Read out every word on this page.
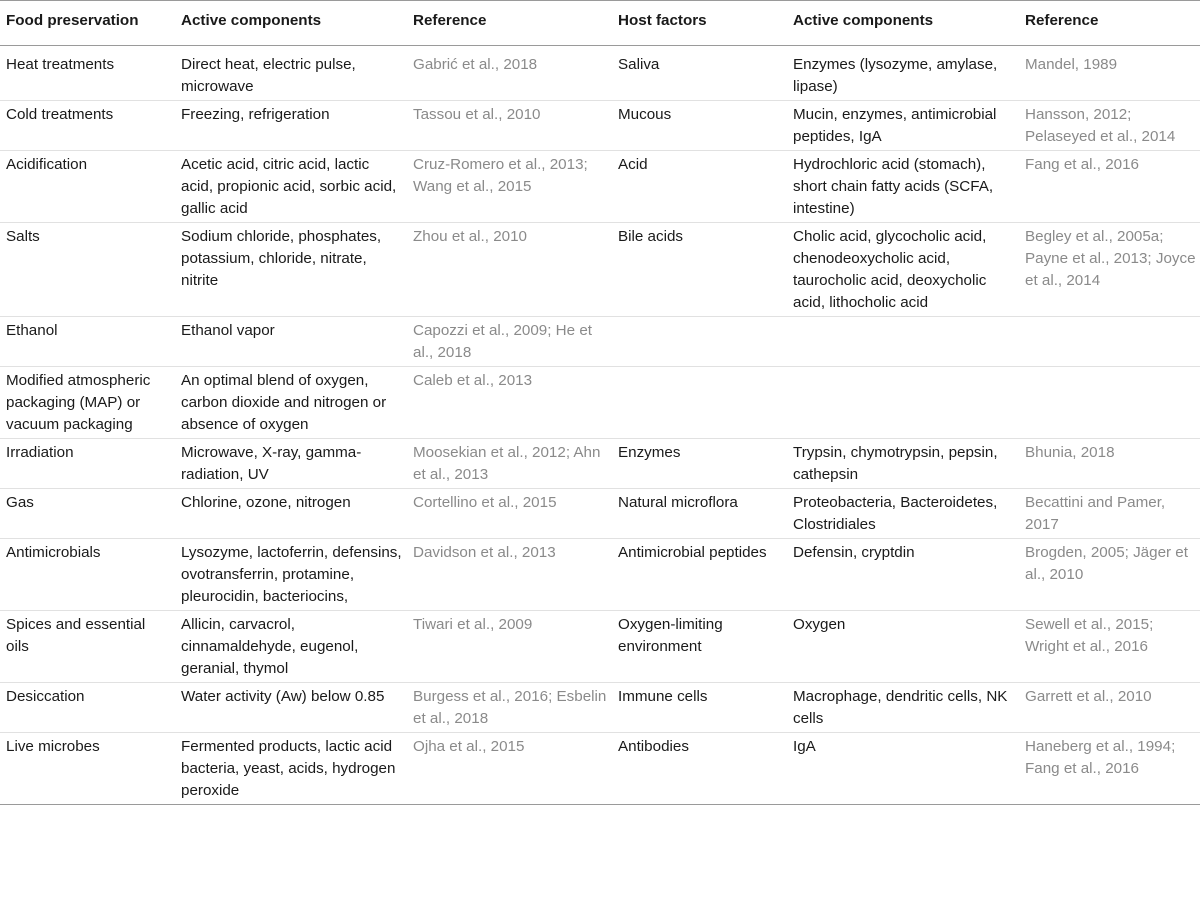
Food preservation	Active components	Reference	Host factors	Active components	Reference
Heat treatments	Direct heat, electric pulse, microwave	Gabrić et al., 2018	Saliva	Enzymes (lysozyme, amylase, lipase)	Mandel, 1989
Cold treatments	Freezing, refrigeration	Tassou et al., 2010	Mucous	Mucin, enzymes, antimicrobial peptides, IgA	Hansson, 2012; Pelaseyed et al., 2014
Acidification	Acetic acid, citric acid, lactic acid, propionic acid, sorbic acid, gallic acid	Cruz-Romero et al., 2013; Wang et al., 2015	Acid	Hydrochloric acid (stomach), short chain fatty acids (SCFA, intestine)	Fang et al., 2016
Salts	Sodium chloride, phosphates, potassium, chloride, nitrate, nitrite	Zhou et al., 2010	Bile acids	Cholic acid, glycocholic acid, chenodeoxycholic acid, taurocholic acid, deoxycholic acid, lithocholic acid	Begley et al., 2005a; Payne et al., 2013; Joyce et al., 2014
Ethanol	Ethanol vapor	Capozzi et al., 2009; He et al., 2018			
Modified atmospheric packaging (MAP) or vacuum packaging	An optimal blend of oxygen, carbon dioxide and nitrogen or absence of oxygen	Caleb et al., 2013			
Irradiation	Microwave, X-ray, gamma-radiation, UV	Moosekian et al., 2012; Ahn et al., 2013	Enzymes	Trypsin, chymotrypsin, pepsin, cathepsin	Bhunia, 2018
Gas	Chlorine, ozone, nitrogen	Cortellino et al., 2015	Natural microflora	Proteobacteria, Bacteroidetes, Clostridiales	Becattini and Pamer, 2017
Antimicrobials	Lysozyme, lactoferrin, defensins, ovotransferrin, protamine, pleurocidin, bacteriocins,	Davidson et al., 2013	Antimicrobial peptides	Defensin, cryptdin	Brogden, 2005; Jäger et al., 2010
Spices and essential oils	Allicin, carvacrol, cinnamaldehyde, eugenol, geranial, thymol	Tiwari et al., 2009	Oxygen-limiting environment	Oxygen	Sewell et al., 2015; Wright et al., 2016
Desiccation	Water activity (Aw) below 0.85	Burgess et al., 2016; Esbelin et al., 2018	Immune cells	Macrophage, dendritic cells, NK cells	Garrett et al., 2010
Live microbes	Fermented products, lactic acid bacteria, yeast, acids, hydrogen peroxide	Ojha et al., 2015	Antibodies	IgA	Haneberg et al., 1994; Fang et al., 2016
